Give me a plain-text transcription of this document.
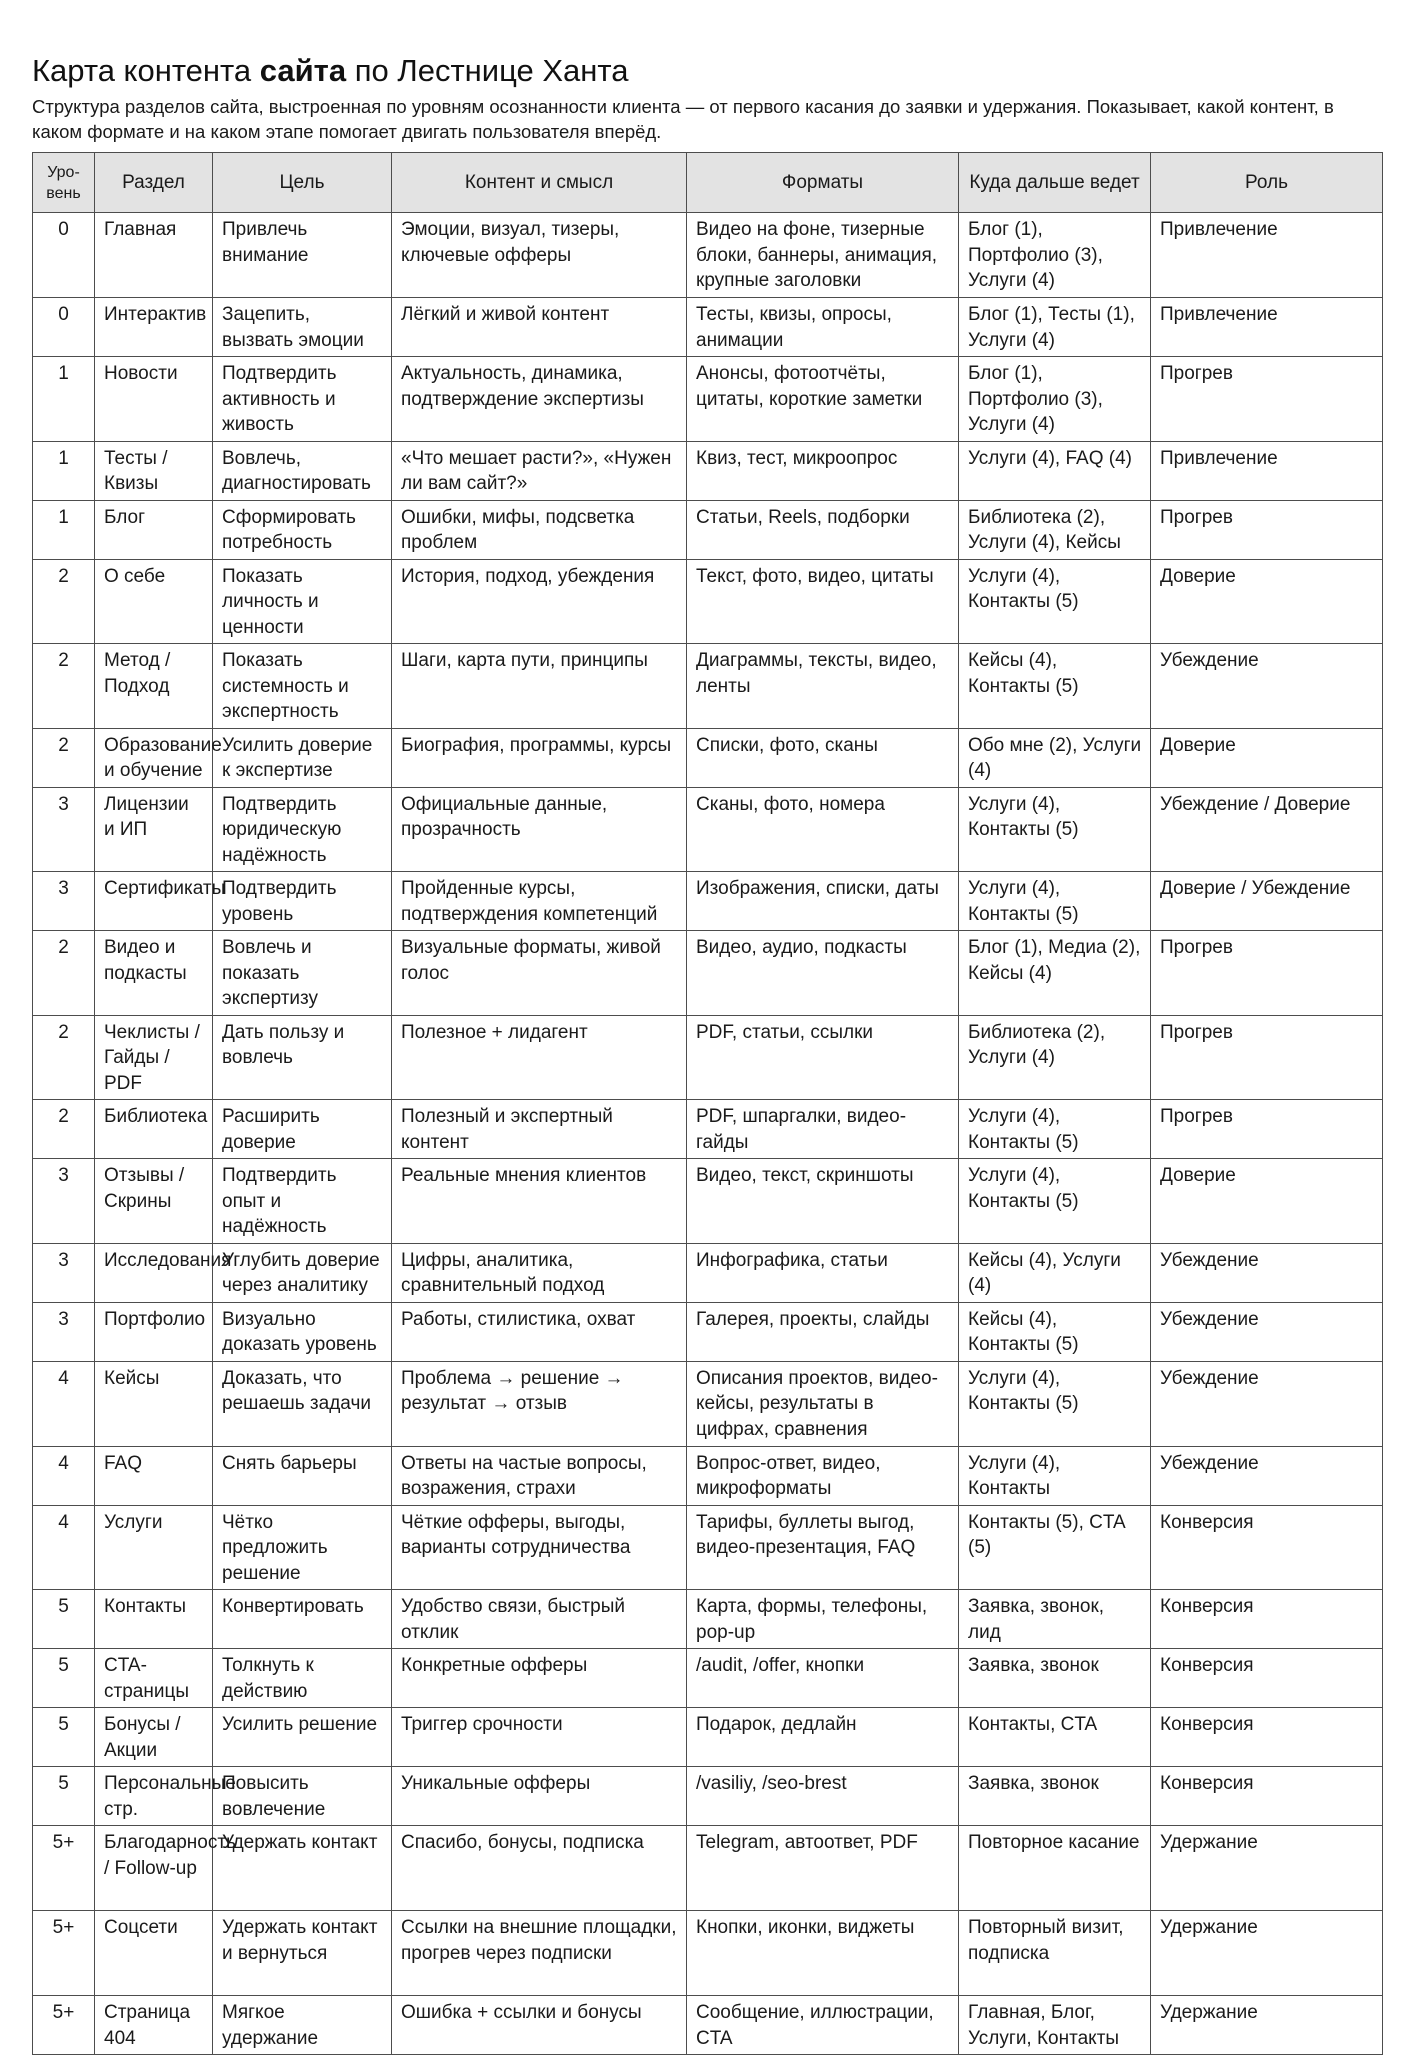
Карта контента сайта по Лестнице Ханта

Структура разделов сайта, выстроенная по уровням осознанности клиента — от первого касания до заявки и удержания. Показывает, какой контент, в каком формате и на каком этапе помогает двигать пользователя вперёд.

Уро-
вень	Раздел	Цель	Контент и смысл	Форматы	Куда дальше ведет	Роль
0	Главная	Привлечь внимание	Эмоции, визуал, тизеры, ключевые офферы	Видео на фоне, тизерные блоки, баннеры, анимация, крупные заголовки	Блог (1), Портфолио (3), Услуги (4)	Привлечение
0	Интерактив	Зацепить, вызвать эмоции	Лёгкий и живой контент	Тесты, квизы, опросы, анимации	Блог (1), Тесты (1), Услуги (4)	Привлечение
1	Новости	Подтвердить активность и живость	Актуальность, динамика, подтверждение экспертизы	Анонсы, фотоотчёты, цитаты, короткие заметки	Блог (1), Портфолио (3), Услуги (4)	Прогрев
1	Тесты / Квизы	Вовлечь, диагностировать	«Что мешает расти?», «Нужен ли вам сайт?»	Квиз, тест, микроопрос	Услуги (4), FAQ (4)	Привлечение
1	Блог	Сформировать потребность	Ошибки, мифы, подсветка проблем	Статьи, Reels, подборки	Библиотека (2), Услуги (4), Кейсы	Прогрев
2	О себе	Показать личность и ценности	История, подход, убеждения	Текст, фото, видео, цитаты	Услуги (4), Контакты (5)	Доверие
2	Метод / Подход	Показать системность и экспертность	Шаги, карта пути, принципы	Диаграммы, тексты, видео, ленты	Кейсы (4), Контакты (5)	Убеждение
2	Образование и обучение	Усилить доверие к экспертизе	Биография, программы, курсы	Списки, фото, сканы	Обо мне (2), Услуги (4)	Доверие
3	Лицензии и ИП	Подтвердить юридическую надёжность	Официальные данные, прозрачность	Сканы, фото, номера	Услуги (4), Контакты (5)	Убеждение / Доверие
3	Сертификаты	Подтвердить уровень	Пройденные курсы, подтверждения компетенций	Изображения, списки, даты	Услуги (4), Контакты (5)	Доверие / Убеждение
2	Видео и подкасты	Вовлечь и показать экспертизу	Визуальные форматы, живой голос	Видео, аудио, подкасты	Блог (1), Медиа (2), Кейсы (4)	Прогрев
2	Чеклисты / Гайды / PDF	Дать пользу и вовлечь	Полезное + лидагент	PDF, статьи, ссылки	Библиотека (2), Услуги (4)	Прогрев
2	Библиотека	Расширить доверие	Полезный и экспертный контент	PDF, шпаргалки, видео-гайды	Услуги (4), Контакты (5)	Прогрев
3	Отзывы / Скрины	Подтвердить опыт и надёжность	Реальные мнения клиентов	Видео, текст, скриншоты	Услуги (4), Контакты (5)	Доверие
3	Исследования	Углубить доверие через аналитику	Цифры, аналитика, сравнительный подход	Инфографика, статьи	Кейсы (4), Услуги (4)	Убеждение
3	Портфолио	Визуально доказать уровень	Работы, стилистика, охват	Галерея, проекты, слайды	Кейсы (4), Контакты (5)	Убеждение
4	Кейсы	Доказать, что решаешь задачи	Проблема → решение → результат → отзыв	Описания проектов, видео-кейсы, результаты в цифрах, сравнения	Услуги (4), Контакты (5)	Убеждение
4	FAQ	Снять барьеры	Ответы на частые вопросы, возражения, страхи	Вопрос-ответ, видео, микроформаты	Услуги (4), Контакты	Убеждение
4	Услуги	Чётко предложить решение	Чёткие офферы, выгоды, варианты сотрудничества	Тарифы, буллеты выгод, видео-презентация, FAQ	Контакты (5), CTA (5)	Конверсия
5	Контакты	Конвертировать	Удобство связи, быстрый отклик	Карта, формы, телефоны, pop-up	Заявка, звонок, лид	Конверсия
5	CTA-страницы	Толкнуть к действию	Конкретные офферы	/audit, /offer, кнопки	Заявка, звонок	Конверсия
5	Бонусы / Акции	Усилить решение	Триггер срочности	Подарок, дедлайн	Контакты, CTA	Конверсия
5	Персональные стр.	Повысить вовлечение	Уникальные офферы	/vasiliy, /seo-brest	Заявка, звонок	Конверсия
5+	Благодарность / Follow-up	Удержать контакт	Спасибо, бонусы, подписка	Telegram, автоответ, PDF	Повторное касание	Удержание
5+	Соцсети	Удержать контакт и вернуться	Ссылки на внешние площадки, прогрев через подписки	Кнопки, иконки, виджеты	Повторный визит, подписка	Удержание
5+	Страница 404	Мягкое удержание	Ошибка + ссылки и бонусы	Сообщение, иллюстрации, CTA	Главная, Блог, Услуги, Контакты	Удержание
